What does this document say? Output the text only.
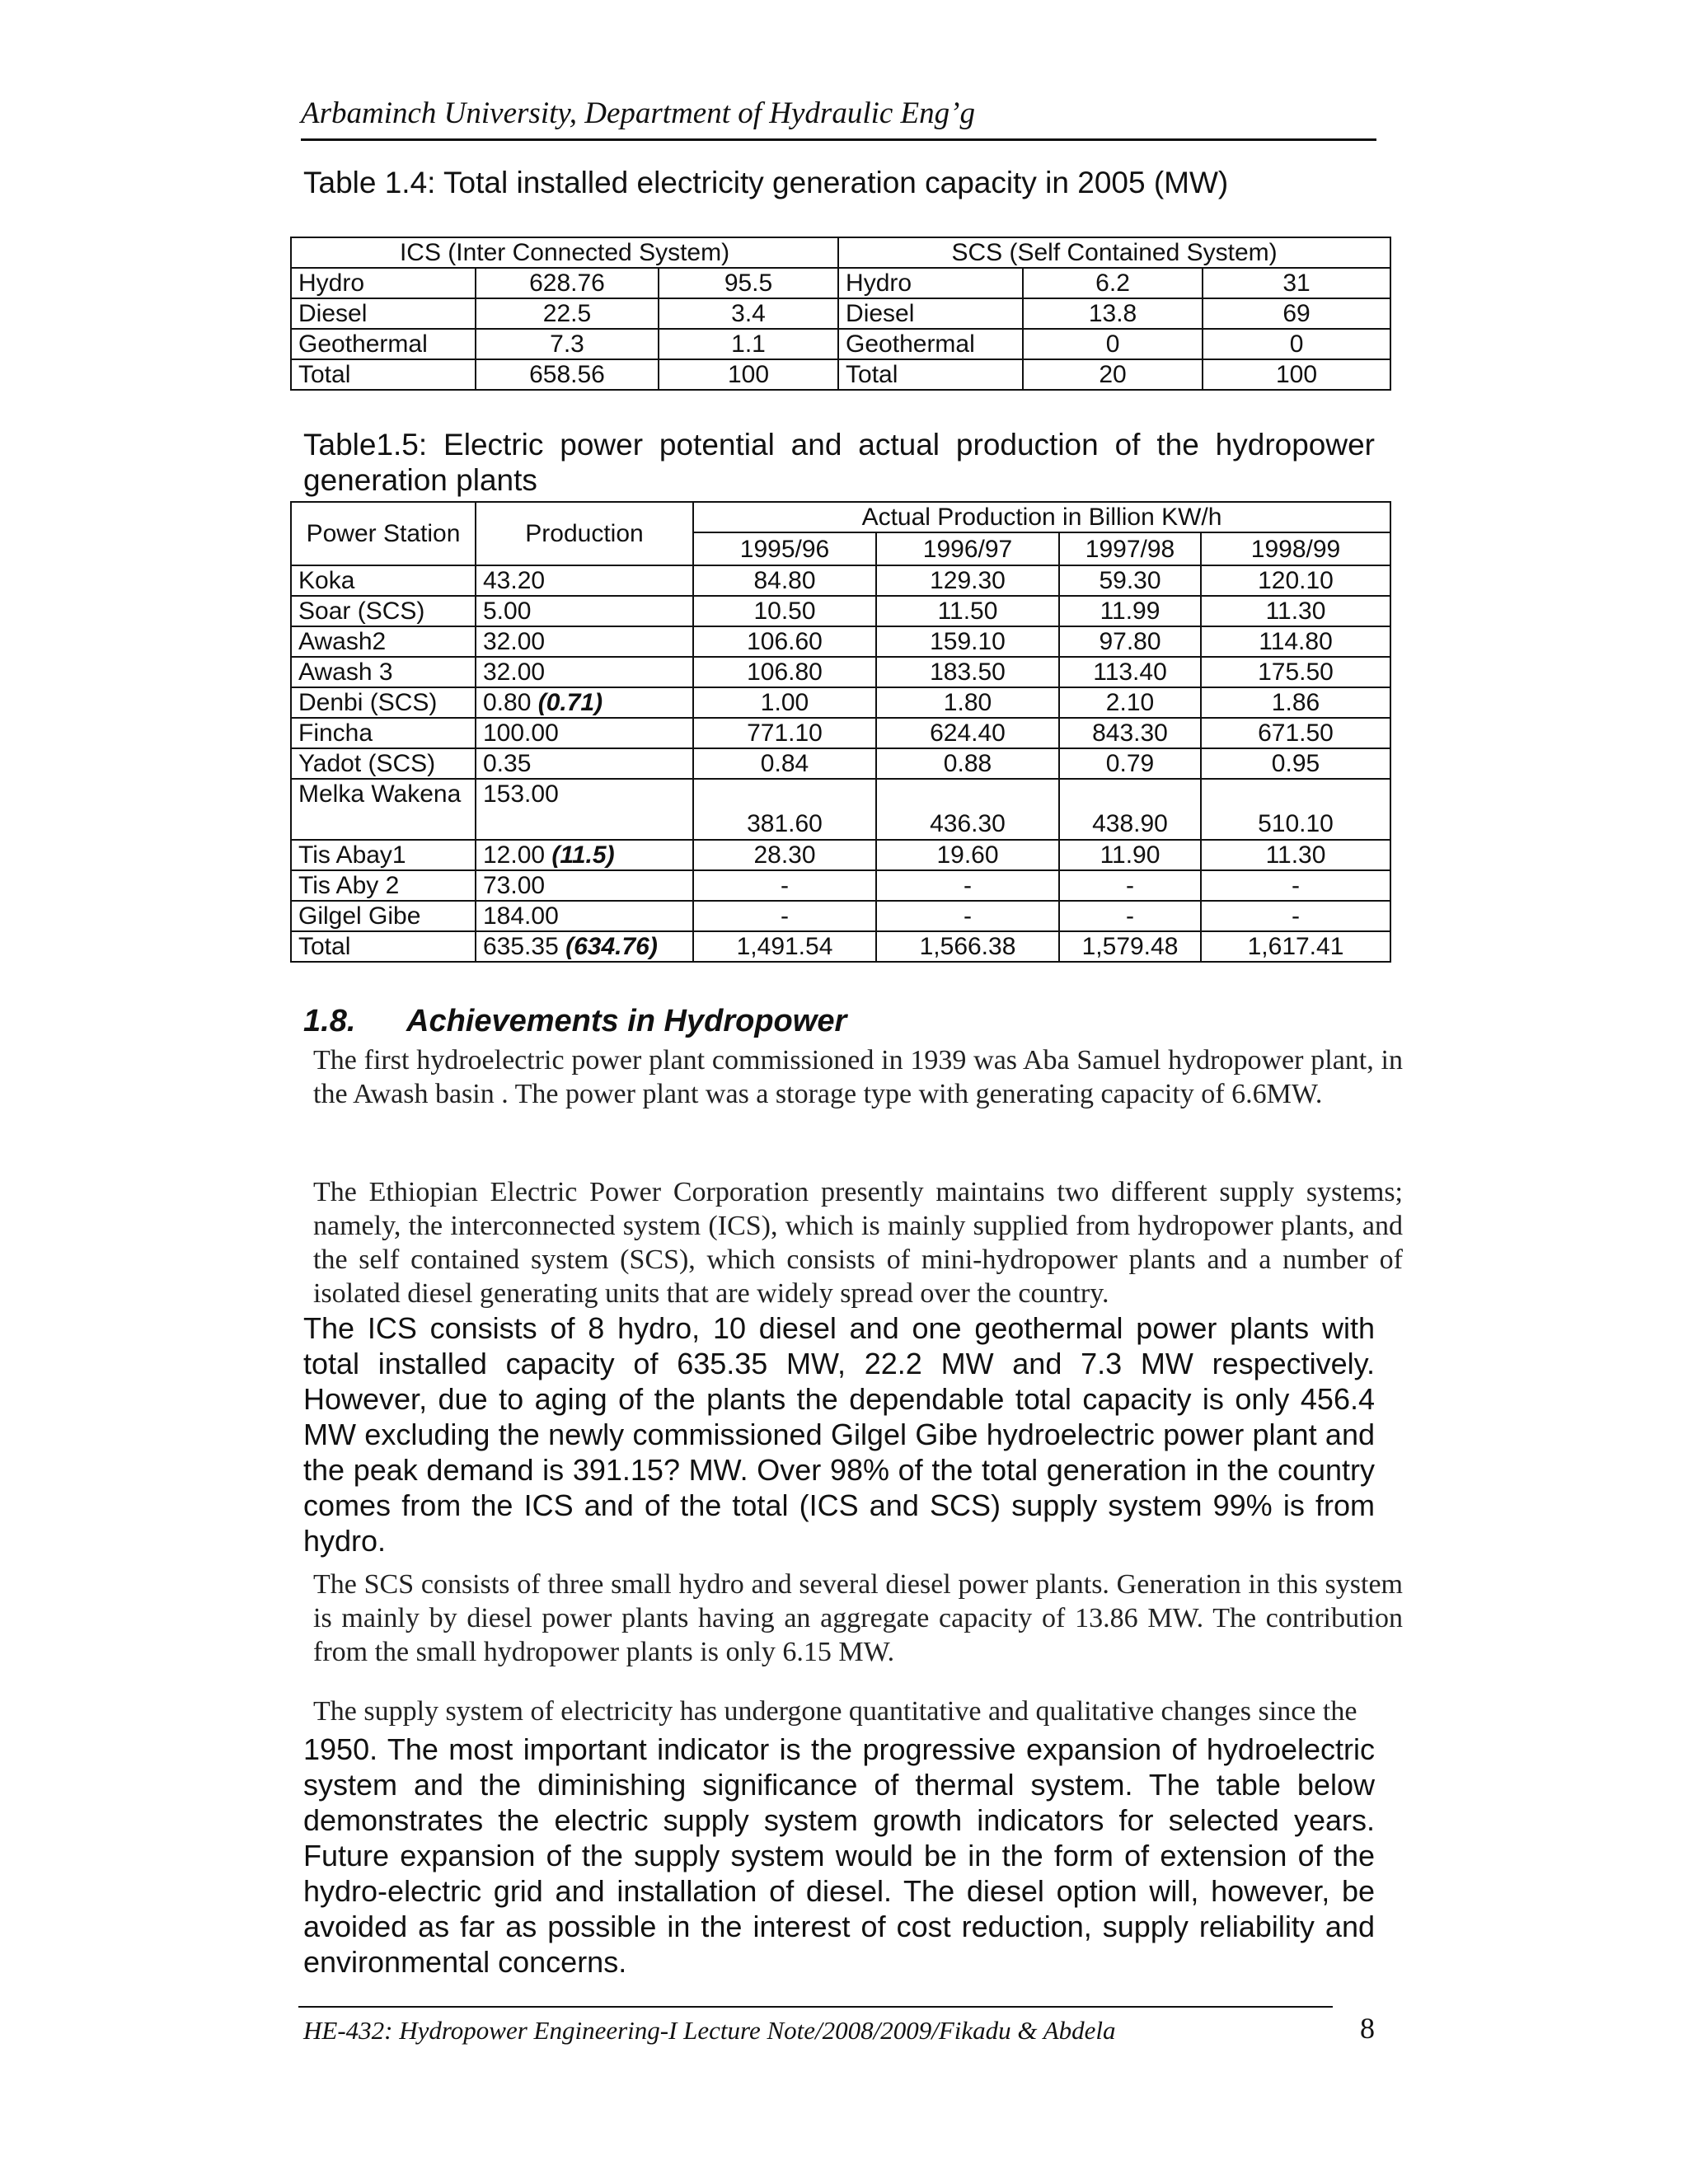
Arbaminch University, Department of Hydraulic Eng’g
Table 1.4: Total installed electricity generation capacity in 2005 (MW)
ICS (Inter Connected System)			SCS (Self Contained System)		
Hydro	628.76	95.5	Hydro	6.2	31
Diesel	22.5	3.4	Diesel	13.8	69
Geothermal	7.3	1.1	Geothermal	0	0
Total	658.56	100	Total	20	100
Table1.5: Electric power potential and actual production of the hydropower generation plants
Power Station	Production	Actual Production in Billion KW/h			
		1995/96	1996/97	1997/98	1998/99
Koka	43.20	84.80	129.30	59.30	120.10
Soar (SCS)	5.00	10.50	11.50	11.99	11.30
Awash2	32.00	106.60	159.10	97.80	114.80
Awash 3	32.00	106.80	183.50	113.40	175.50
Denbi (SCS)	0.80 (0.71)	1.00	1.80	2.10	1.86
Fincha	100.00	771.10	624.40	843.30	671.50
Yadot (SCS)	0.35	0.84	0.88	0.79	0.95
Melka Wakena	153.00	381.60	436.30	438.90	510.10
Tis Abay1	12.00 (11.5)	28.30	19.60	11.90	11.30
Tis Aby 2	73.00	-	-	-	-
Gilgel Gibe	184.00	-	-	-	-
Total	635.35 (634.76)	1,491.54	1,566.38	1,579.48	1,617.41
1.8. Achievements in Hydropower
The first hydroelectric power plant commissioned in 1939 was Aba Samuel hydropower plant, in the Awash basin . The power plant was a storage type with generating capacity of 6.6MW.
The Ethiopian Electric Power Corporation presently maintains two different supply systems; namely, the interconnected system (ICS), which is mainly supplied from hydropower plants, and the self contained system (SCS), which consists of mini-hydropower plants and a number of isolated diesel generating units that are widely spread over the country.
The ICS consists of 8 hydro, 10 diesel and one geothermal power plants with total installed capacity of 635.35 MW, 22.2 MW and 7.3 MW respectively. However, due to aging of the plants the dependable total capacity is only 456.4 MW excluding the newly commissioned Gilgel Gibe hydroelectric power plant and the peak demand is 391.15? MW. Over 98% of the total generation in the country comes from the ICS and of the total (ICS and SCS) supply system 99% is from hydro.
The SCS consists of three small hydro and several diesel power plants. Generation in this system is mainly by diesel power plants having an aggregate capacity of 13.86 MW. The contribution from the small hydropower plants is only 6.15 MW.
The supply system of electricity has undergone quantitative and qualitative changes since the
1950. The most important indicator is the progressive expansion of hydroelectric system and the diminishing significance of thermal system. The table below demonstrates the electric supply system growth indicators for selected years. Future expansion of the supply system would be in the form of extension of the hydro-electric grid and installation of diesel. The diesel option will, however, be avoided as far as possible in the interest of cost reduction, supply reliability and environmental concerns.
HE-432: Hydropower Engineering-I Lecture Note/2008/2009/Fikadu & Abdela	8
